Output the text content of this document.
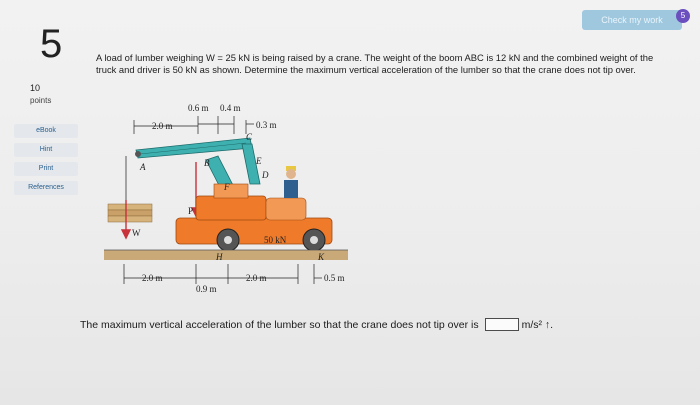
Check my work	5
5
10
points
eBook
Hint
Print
References
A load of lumber weighing W = 25 kN is being raised by a crane. The weight of the boom ABC is 12 kN and the combined weight of the truck and driver is 50 kN as shown. Determine the maximum vertical acceleration of the lumber so that the crane does not tip over.
0.6 m 0.4 m
2.0 m	0.3 m
A	B
C
D
E
F
H	K
W
P
50 kN
2.0 m
0.9 m
2.0 m	0.5 m
The maximum vertical acceleration of the lumber so that the crane does not tip over is	m/s² ↑.
